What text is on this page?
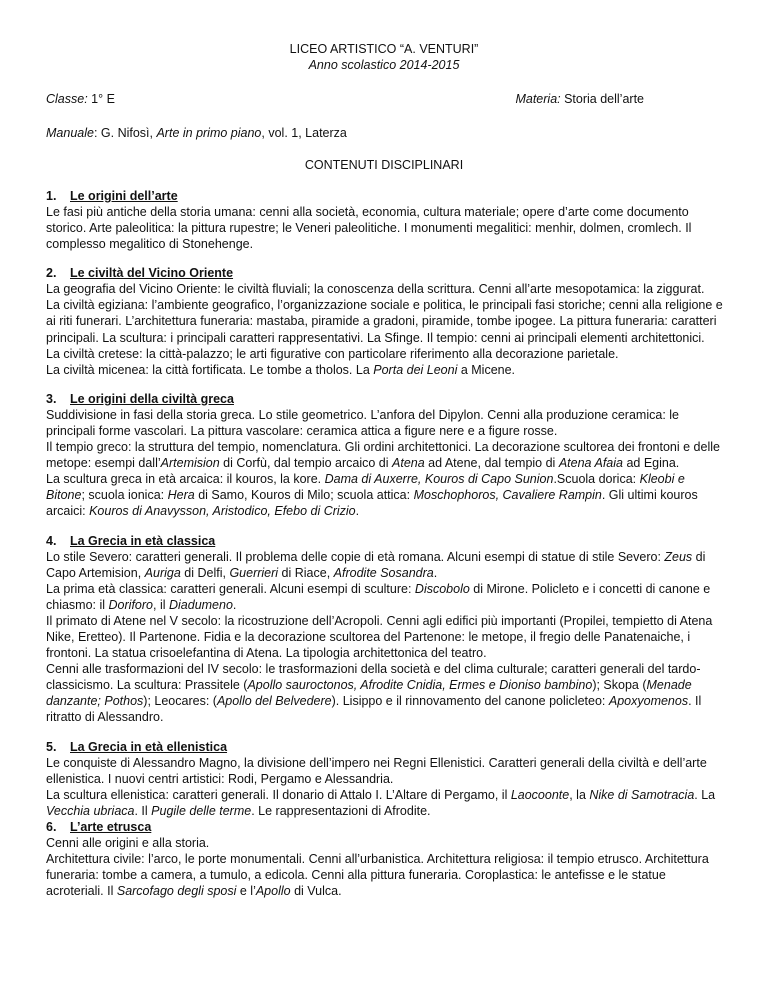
LICEO ARTISTICO “A. VENTURI”
Anno scolastico 2014-2015
Classe: 1° E	Materia: Storia dell’arte
Manuale: G. Nifosì, Arte in primo piano, vol. 1, Laterza
CONTENUTI DISCIPLINARI
1. Le origini dell’arte

Le fasi più antiche della storia umana: cenni alla società, economia, cultura materiale; opere d’arte come documento storico. Arte paleolitica: la pittura rupestre; le Veneri paleolitiche. I monumenti megalitici: menhir, dolmen, cromlech. Il complesso megalitico di Stonehenge.

2. Le civiltà del Vicino Oriente

La geografia del Vicino Oriente: le civiltà fluviali; la conoscenza della scrittura. Cenni all’arte mesopotamica: la ziggurat.

La civiltà egiziana: l’ambiente geografico, l’organizzazione sociale e politica, le principali fasi storiche; cenni alla religione e ai riti funerari. L’architettura funeraria: mastaba, piramide a gradoni, piramide, tombe ipogee. La pittura funeraria: caratteri principali. La scultura: i principali caratteri rappresentativi. La Sfinge. Il tempio: cenni ai principali elementi architettonici.

La civiltà cretese: la città-palazzo; le arti figurative con particolare riferimento alla decorazione parietale.

La civiltà micenea: la città fortificata. Le tombe a tholos. La Porta dei Leoni a Micene.

3. Le origini della civiltà greca

Suddivisione in fasi della storia greca. Lo stile geometrico. L’anfora del Dipylon. Cenni alla produzione ceramica: le principali forme vascolari. La pittura vascolare: ceramica attica a figure nere e a figure rosse.

Il tempio greco: la struttura del tempio, nomenclatura. Gli ordini architettonici. La decorazione scultorea dei frontoni e delle metope: esempi dall’Artemision di Corfù, dal tempio arcaico di Atena ad Atene, dal tempio di Atena Afaia ad Egina.

La scultura greca in età arcaica: il kouros, la kore. Dama di Auxerre, Kouros di Capo Sunion.Scuola dorica: Kleobi e Bitone; scuola ionica: Hera di Samo, Kouros di Milo; scuola attica: Moschophoros, Cavaliere Rampin. Gli ultimi kouros arcaici: Kouros di Anavysson, Aristodico, Efebo di Crizio.

4. La Grecia in età classica

Lo stile Severo: caratteri generali. Il problema delle copie di età romana. Alcuni esempi di statue di stile Severo: Zeus di Capo Artemision, Auriga di Delfi, Guerrieri di Riace, Afrodite Sosandra.

La prima età classica: caratteri generali. Alcuni esempi di sculture: Discobolo di Mirone. Policleto e i concetti di canone e chiasmo: il Doriforo, il Diadumeno.

Il primato di Atene nel V secolo: la ricostruzione dell’Acropoli. Cenni agli edifici più importanti (Propilei, tempietto di Atena Nike, Eretteo). Il Partenone. Fidia e la decorazione scultorea del Partenone: le metope, il fregio delle Panatenaiche, i frontoni. La statua crisoelefantina di Atena. La tipologia architettonica del teatro.

Cenni alle trasformazioni del IV secolo: le trasformazioni della società e del clima culturale; caratteri generali del tardo-classicismo. La scultura: Prassitele (Apollo sauroctonos, Afrodite Cnidia, Ermes e Dioniso bambino); Skopa (Menade danzante; Pothos); Leocares: (Apollo del Belvedere). Lisippo e il rinnovamento del canone policleteo: Apoxyomenos. Il ritratto di Alessandro.

5. La Grecia in età ellenistica

Le conquiste di Alessandro Magno, la divisione dell’impero nei Regni Ellenistici. Caratteri generali della civiltà e dell’arte ellenistica. I nuovi centri artistici: Rodi, Pergamo e Alessandria.

La scultura ellenistica: caratteri generali. Il donario di Attalo I. L’Altare di Pergamo, il Laocoonte, la Nike di Samotracia. La Vecchia ubriaca. Il Pugile delle terme. Le rappresentazioni di Afrodite.

6. L’arte etrusca

Cenni alle origini e alla storia.

Architettura civile: l’arco, le porte monumentali. Cenni all’urbanistica. Architettura religiosa: il tempio etrusco. Architettura funeraria: tombe a camera, a tumulo, a edicola. Cenni alla pittura funeraria. Coroplastica: le antefisse e le statue acroteriali. Il Sarcofago degli sposi e l’Apollo di Vulca.
